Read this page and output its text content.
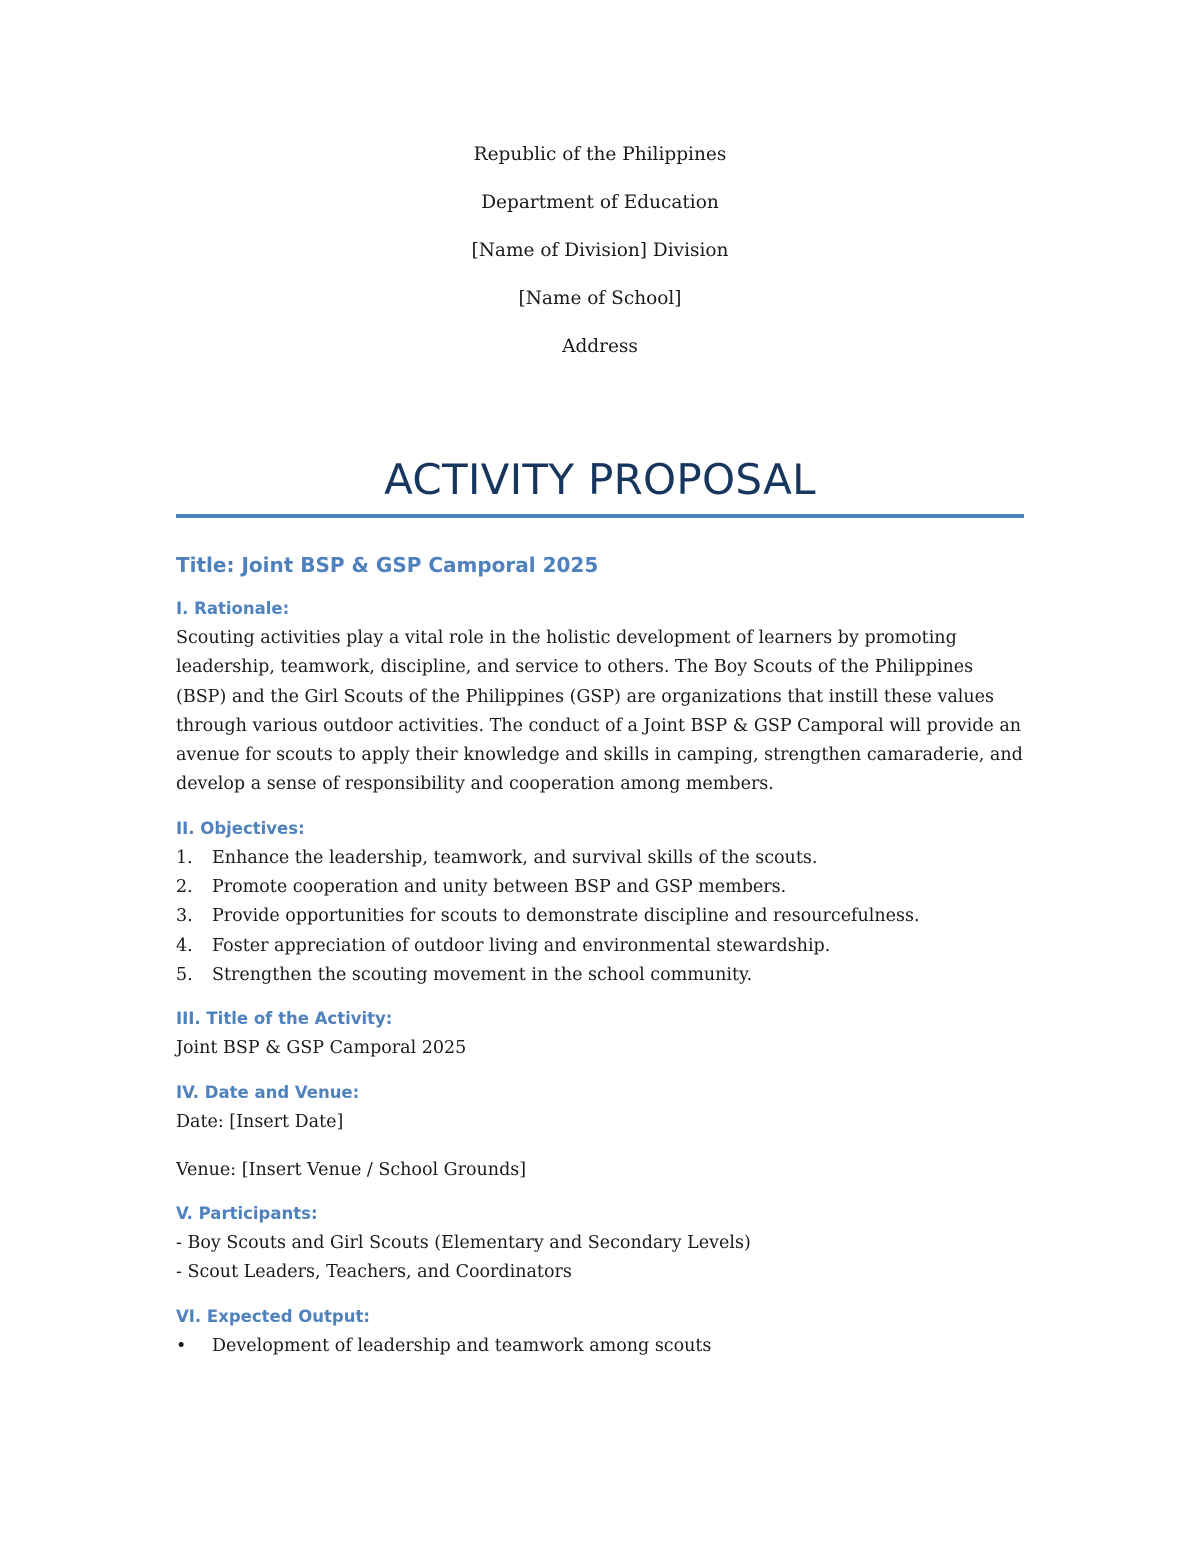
Republic of the Philippines
Department of Education
[Name of Division] Division
[Name of School]
Address
ACTIVITY PROPOSAL
Title: Joint BSP & GSP Camporal 2025
I. Rationale:

Scouting activities play a vital role in the holistic development of learners by promoting leadership, teamwork, discipline, and service to others. The Boy Scouts of the Philippines (BSP) and the Girl Scouts of the Philippines (GSP) are organizations that instill these values through various outdoor activities. The conduct of a Joint BSP & GSP Camporal will provide an avenue for scouts to apply their knowledge and skills in camping, strengthen camaraderie, and develop a sense of responsibility and cooperation among members.

II. Objectives:
1. Enhance the leadership, teamwork, and survival skills of the scouts.
2. Promote cooperation and unity between BSP and GSP members.
3. Provide opportunities for scouts to demonstrate discipline and resourcefulness.
4. Foster appreciation of outdoor living and environmental stewardship.
5. Strengthen the scouting movement in the school community.
III. Title of the Activity:
Joint BSP & GSP Camporal 2025
IV. Date and Venue:
Date: [Insert Date]
Venue: [Insert Venue / School Grounds]
V. Participants:
- Boy Scouts and Girl Scouts (Elementary and Secondary Levels)
- Scout Leaders, Teachers, and Coordinators
VI. Expected Output:
• Development of leadership and teamwork among scouts
